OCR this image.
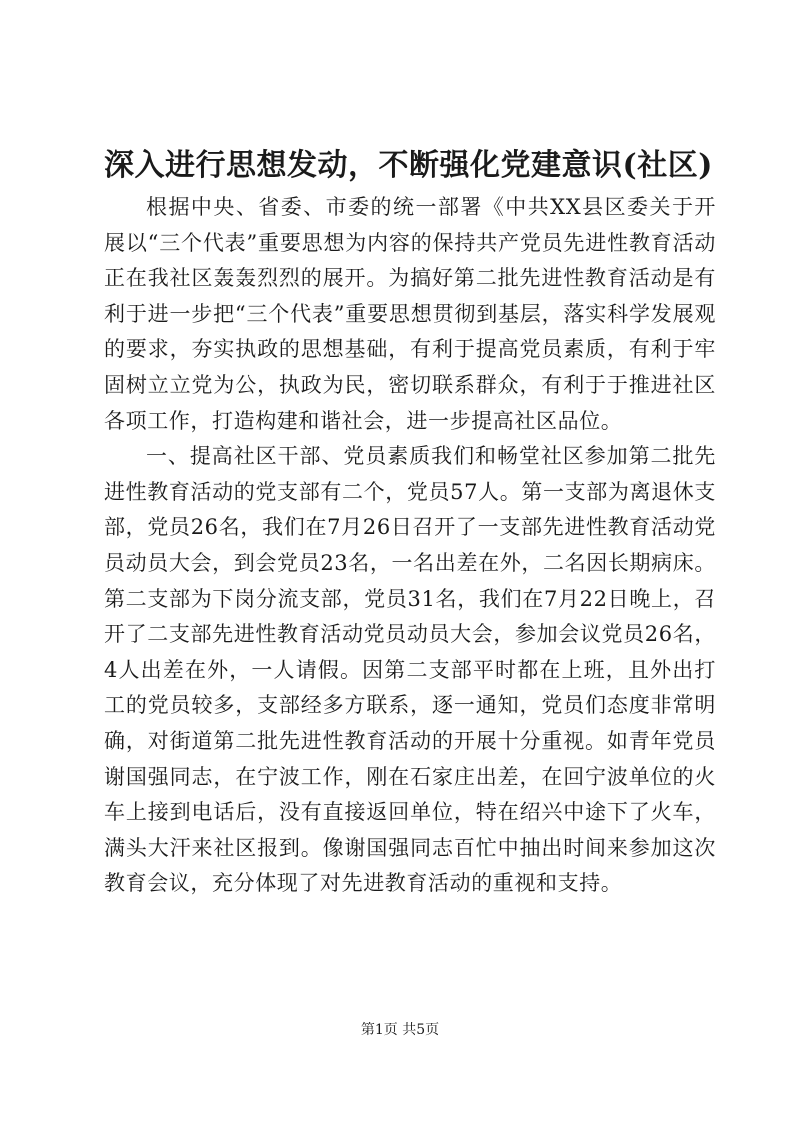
深入进行思想发动，不断强化党建意识(社区)

根据中央、省委、市委的统一部署《中共XX县区委关于开展以“三个代表”重要思想为内容的保持共产党员先进性教育活动正在我社区轰轰烈烈的展开。为搞好第二批先进性教育活动是有利于进一步把“三个代表”重要思想贯彻到基层，落实科学发展观的要求，夯实执政的思想基础，有利于提高党员素质，有利于牢固树立立党为公，执政为民，密切联系群众，有利于于推进社区各项工作，打造构建和谐社会，进一步提高社区品位。

一、提高社区干部、党员素质我们和畅堂社区参加第二批先进性教育活动的党支部有二个，党员57人。第一支部为离退休支部，党员26名，我们在7月26日召开了一支部先进性教育活动党员动员大会，到会党员23名，一名出差在外，二名因长期病床。第二支部为下岗分流支部，党员31名，我们在7月22日晚上，召开了二支部先进性教育活动党员动员大会，参加会议党员26名，4人出差在外，一人请假。因第二支部平时都在上班，且外出打工的党员较多，支部经多方联系，逐一通知，党员们态度非常明确，对街道第二批先进性教育活动的开展十分重视。如青年党员谢国强同志，在宁波工作，刚在石家庄出差，在回宁波单位的火车上接到电话后，没有直接返回单位，特在绍兴中途下了火车，满头大汗来社区报到。像谢国强同志百忙中抽出时间来参加这次教育会议，充分体现了对先进教育活动的重视和支持。

第1页 共5页
